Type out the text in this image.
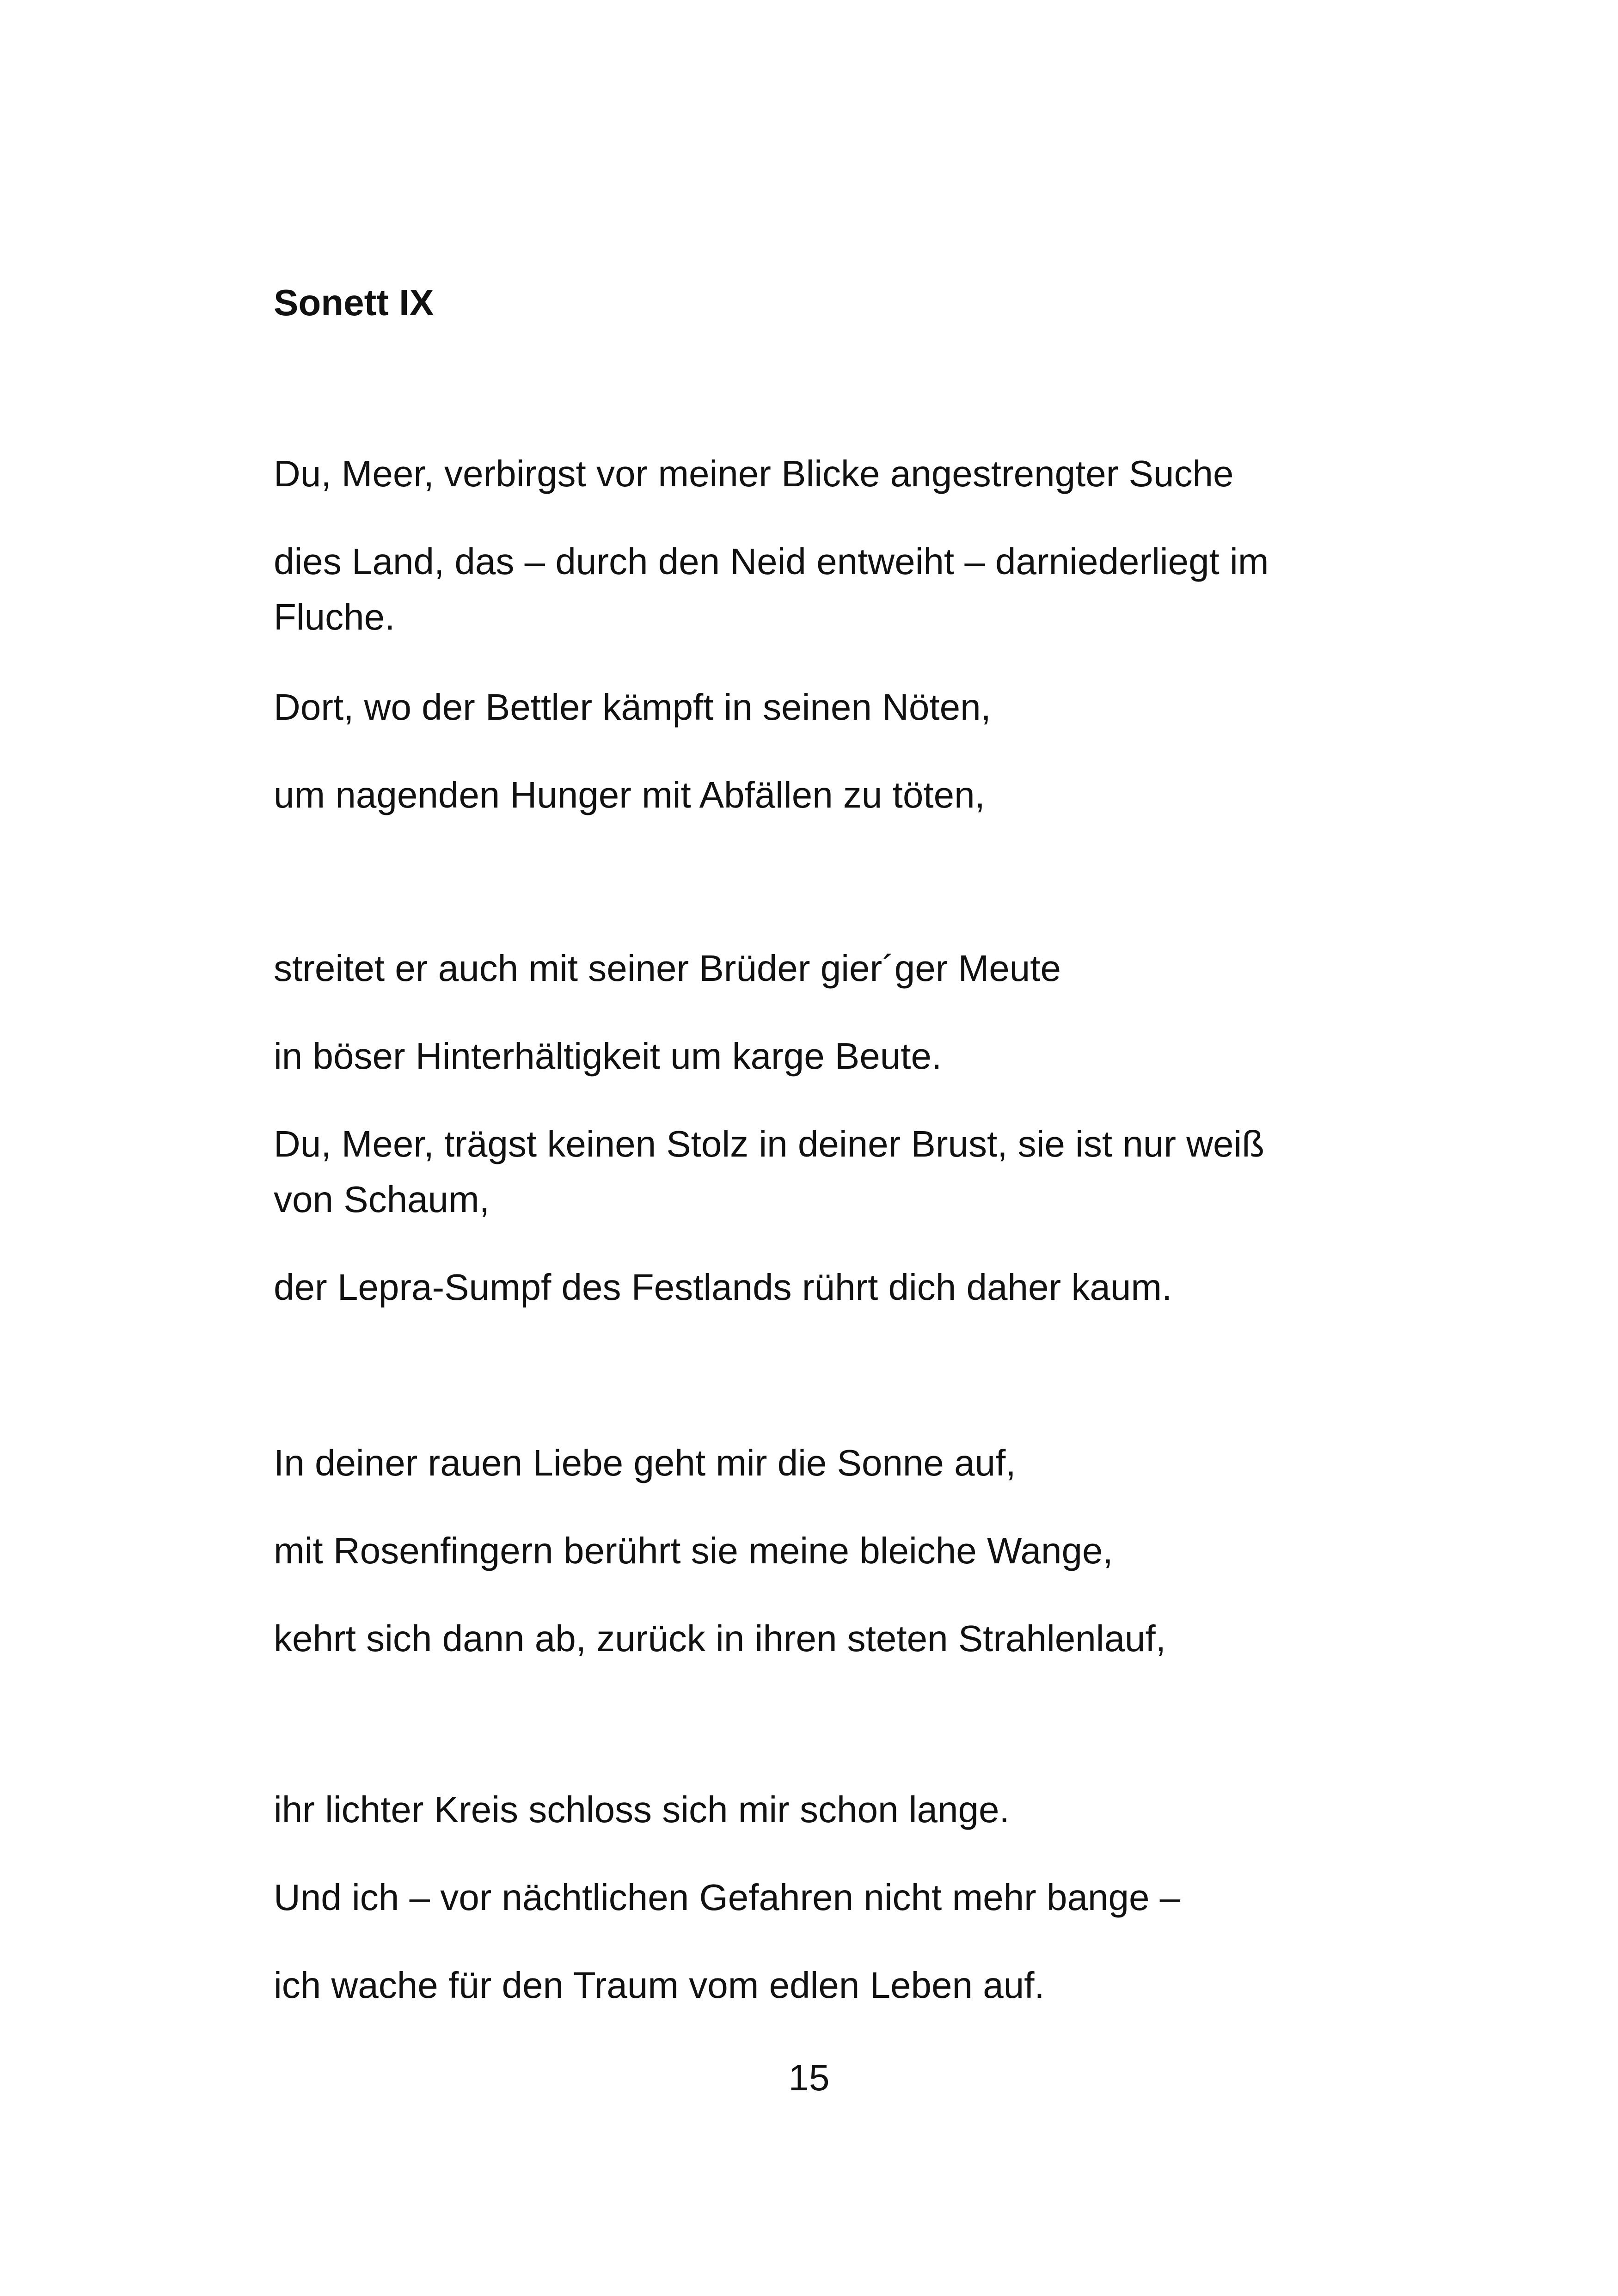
Sonett IX
Du, Meer, verbirgst vor meiner Blicke angestrengter Suche
dies Land, das – durch den Neid entweiht – darniederliegt im
Fluche.
Dort, wo der Bettler kämpft in seinen Nöten,
um nagenden Hunger mit Abfällen zu töten,
streitet er auch mit seiner Brüder gier´ger Meute
in böser Hinterhältigkeit um karge Beute.
Du, Meer, trägst keinen Stolz in deiner Brust, sie ist nur weiß
von Schaum,
der Lepra-Sumpf des Festlands rührt dich daher kaum.
In deiner rauen Liebe geht mir die Sonne auf,
mit Rosenfingern berührt sie meine bleiche Wange,
kehrt sich dann ab, zurück in ihren steten Strahlenlauf,
ihr lichter Kreis schloss sich mir schon lange.
Und ich – vor nächtlichen Gefahren nicht mehr bange –
ich wache für den Traum vom edlen Leben auf.
15
